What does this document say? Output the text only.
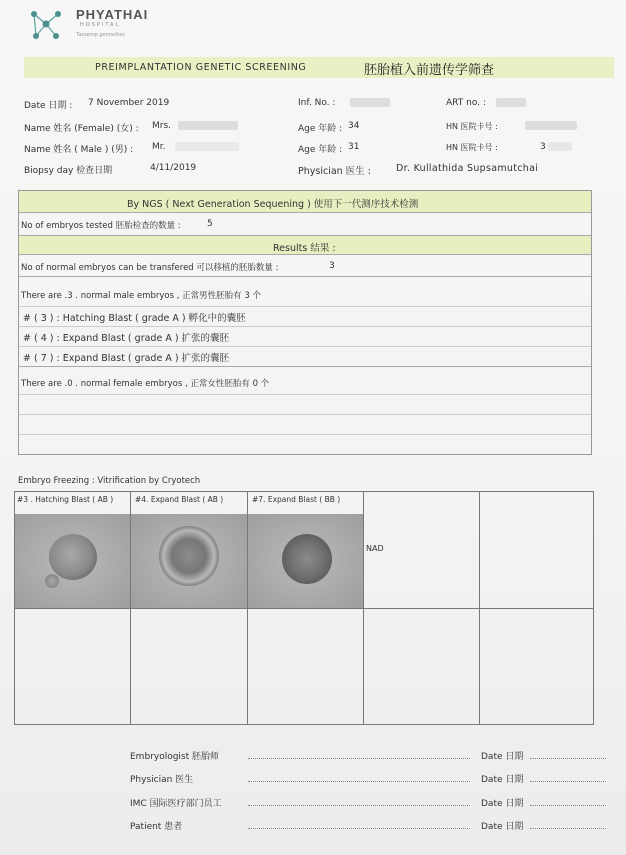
PHYATHAI
HOSPITAL
Tassemp gennefsss
PREIMPLANTATION GENETIC SCREENING	胚胎植入前遗传学筛查
Date 日期 : 7 November 2019
Name 姓名 (Female) (女) : Mrs.
Name 姓名 ( Male ) (男) : Mr.
Biopsy day 检查日期	4/11/2019
Inf. No. :
Age 年龄 : 34
Age 年龄 : 31
Physician 医生 :	Dr. Kullathida Supsamutchai
ART no. :
HN 医院卡号 :
HN 医院卡号 :	3
By NGS ( Next Generation Sequening ) 使用下一代测序技术检测
No of embryos tested 胚胎检查的数量 :	5
Results 结果 :
No of normal embryos can be transfered 可以移植的胚胎数量 :	3
There are .3 . normal male embryos , 正常男性胚胎有 3 个
# ( 3 ) : Hatching Blast ( grade A ) 孵化中的囊胚
# ( 4 ) : Expand Blast ( grade A ) 扩张的囊胚
# ( 7 ) : Expand Blast ( grade A ) 扩张的囊胚
There are .0 . normal female embryos , 正常女性胚胎有 0 个
Embryo Freezing : Vitrification by Cryotech
#3 . Hatching Blast ( AB )	#4. Expand Blast ( AB )	#7. Expand Blast ( BB )
NAD
Embryologist 胚胎师	Date 日期
Physician 医生	Date 日期
IMC 国际医疗部门员工	Date 日期
Patient 患者	Date 日期
